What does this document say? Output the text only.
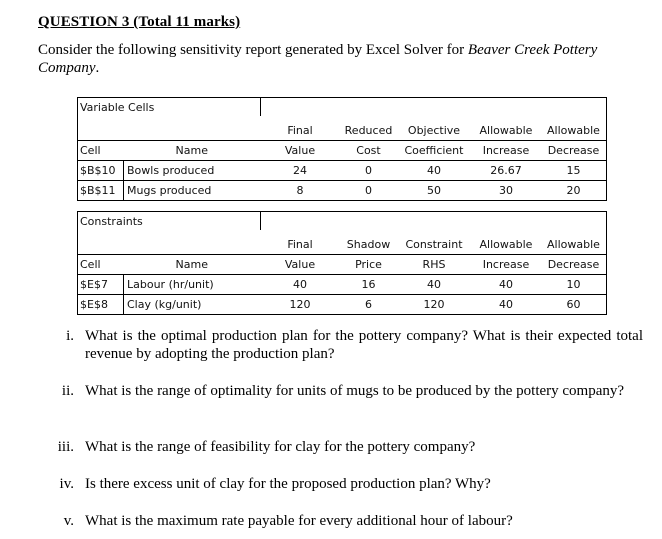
QUESTION 3 (Total 11 marks)
Consider the following sensitivity report generated by Excel Solver for Beaver Creek Pottery Company.
Variable Cells						

		Final	Reduced	Objective	Allowable	Allowable
Cell	Name	Value	Cost	Coefficient	Increase	Decrease
$B$10	Bowls produced	24	0	40	26.67	15
$B$11	Mugs produced	8	0	50	30	20
Constraints						

		Final	Shadow	Constraint	Allowable	Allowable
Cell	Name	Value	Price	RHS	Increase	Decrease
$E$7	Labour (hr/unit)	40	16	40	40	10
$E$8	Clay (kg/unit)	120	6	120	40	60
i. What is the optimal production plan for the pottery company? What is their expected total revenue by adopting the production plan?
ii. What is the range of optimality for units of mugs to be produced by the pottery company?
iii. What is the range of feasibility for clay for the pottery company?
iv. Is there excess unit of clay for the proposed production plan? Why?
v. What is the maximum rate payable for every additional hour of labour?
